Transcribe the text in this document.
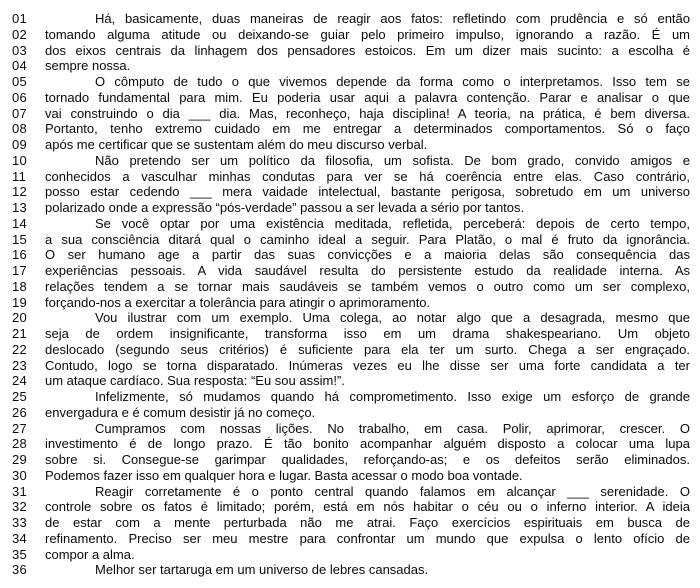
01	Há, basicamente, duas maneiras de reagir aos fatos: refletindo com prudência e só então
02	tomando alguma atitude ou deixando-se guiar pelo primeiro impulso, ignorando a razão. É um
03	dos eixos centrais da linhagem dos pensadores estoicos. Em um dizer mais sucinto: a escolha é
04	sempre nossa.
05	O cômputo de tudo o que vivemos depende da forma como o interpretamos. Isso tem se
06	tornado fundamental para mim. Eu poderia usar aqui a palavra contenção. Parar e analisar o que
07	vai construindo o dia ___ dia. Mas, reconheço, haja disciplina! A teoria, na prática, é bem diversa.
08	Portanto, tenho extremo cuidado em me entregar a determinados comportamentos. Só o faço
09	após me certificar que se sustentam além do meu discurso verbal.
10	Não pretendo ser um político da filosofia, um sofista. De bom grado, convido amigos e
11	conhecidos a vasculhar minhas condutas para ver se há coerência entre elas. Caso contrário,
12	posso estar cedendo ___ mera vaidade intelectual, bastante perigosa, sobretudo em um universo
13	polarizado onde a expressão “pós-verdade” passou a ser levada a sério por tantos.
14	Se você optar por uma existência meditada, refletida, perceberá: depois de certo tempo,
15	a sua consciência ditará qual o caminho ideal a seguir. Para Platão, o mal é fruto da ignorância.
16	O ser humano age a partir das suas convicções e a maioria delas são consequência das
17	experiências pessoais. A vida saudável resulta do persistente estudo da realidade interna. As
18	relações tendem a se tornar mais saudáveis se também vemos o outro como um ser complexo,
19	forçando-nos a exercitar a tolerância para atingir o aprimoramento.
20	Vou ilustrar com um exemplo. Uma colega, ao notar algo que a desagrada, mesmo que
21	seja de ordem insignificante, transforma isso em um drama shakespeariano. Um objeto
22	deslocado (segundo seus critérios) é suficiente para ela ter um surto. Chega a ser engraçado.
23	Contudo, logo se torna disparatado. Inúmeras vezes eu lhe disse ser uma forte candidata a ter
24	um ataque cardíaco. Sua resposta: “Eu sou assim!”.
25	Infelizmente, só mudamos quando há comprometimento. Isso exige um esforço de grande
26	envergadura e é comum desistir já no começo.
27	Cumpramos com nossas lições. No trabalho, em casa. Polir, aprimorar, crescer. O
28	investimento é de longo prazo. É tão bonito acompanhar alguém disposto a colocar uma lupa
29	sobre si. Consegue-se garimpar qualidades, reforçando-as; e os defeitos serão eliminados.
30	Podemos fazer isso em qualquer hora e lugar. Basta acessar o modo boa vontade.
31	Reagir corretamente é o ponto central quando falamos em alcançar ___ serenidade. O
32	controle sobre os fatos é limitado; porém, está em nós habitar o céu ou o inferno interior. A ideia
33	de estar com a mente perturbada não me atrai. Faço exercícios espirituais em busca de
34	refinamento. Preciso ser meu mestre para confrontar um mundo que expulsa o lento ofício de
35	compor a alma.
36	Melhor ser tartaruga em um universo de lebres cansadas.
